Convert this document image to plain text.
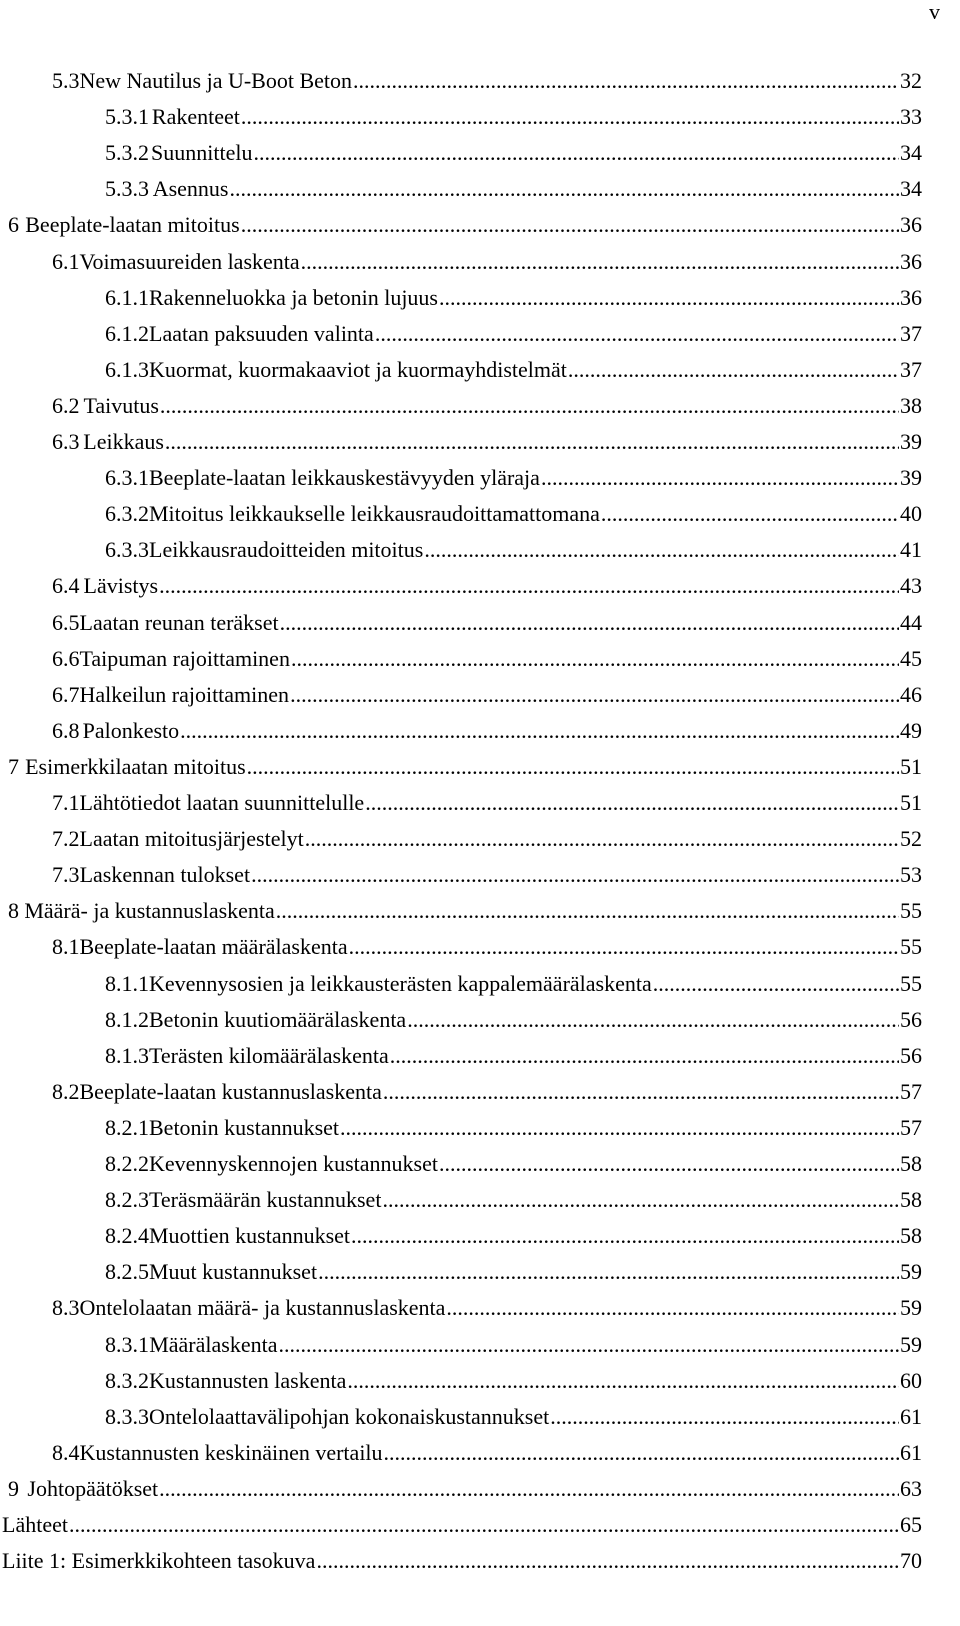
v
5.3 New Nautilus ja U-Boot Beton .....	32
5.3.1 Rakenteet .....	33
5.3.2 Suunnittelu .....	34
5.3.3 Asennus .....	34
6 Beeplate-laatan mitoitus .....	36
6.1 Voimasuureiden laskenta .....	36
6.1.1 Rakenneluokka ja betonin lujuus .....	36
6.1.2 Laatan paksuuden valinta .....	37
6.1.3 Kuormat, kuormakaaviot ja kuormayhdistelmät .....	37
6.2 Taivutus .....	38
6.3 Leikkaus .....	39
6.3.1 Beeplate-laatan leikkauskestävyyden yläraja .....	39
6.3.2 Mitoitus leikkaukselle leikkausraudoittamattomana .....	40
6.3.3 Leikkausraudoitteiden mitoitus .....	41
6.4 Lävistys .....	43
6.5 Laatan reunan teräkset .....	44
6.6 Taipuman rajoittaminen .....	45
6.7 Halkeilun rajoittaminen .....	46
6.8 Palonkesto .....	49
7 Esimerkkilaatan mitoitus .....	51
7.1 Lähtötiedot laatan suunnittelulle .....	51
7.2 Laatan mitoitusjärjestelyt .....	52
7.3 Laskennan tulokset .....	53
8 Määrä- ja kustannuslaskenta .....	55
8.1 Beeplate-laatan määrälaskenta .....	55
8.1.1 Kevennysosien ja leikkausterästen kappalemäärälaskenta .....	55
8.1.2 Betonin kuutiomäärälaskenta .....	56
8.1.3 Terästen kilomäärälaskenta .....	56
8.2 Beeplate-laatan kustannuslaskenta .....	57
8.2.1 Betonin kustannukset .....	57
8.2.2 Kevennyskennojen kustannukset .....	58
8.2.3 Teräsmäärän kustannukset .....	58
8.2.4 Muottien kustannukset .....	58
8.2.5 Muut kustannukset .....	59
8.3 Ontelolaatan määrä- ja kustannuslaskenta .....	59
8.3.1 Määrälaskenta .....	59
8.3.2 Kustannusten laskenta .....	60
8.3.3 Ontelolaattavälipohjan kokonaiskustannukset .....	61
8.4 Kustannusten keskinäinen vertailu .....	61
9 Johtopäätökset .....	63
Lähteet .....	65
Liite 1: Esimerkkikohteen tasokuva .....	70
